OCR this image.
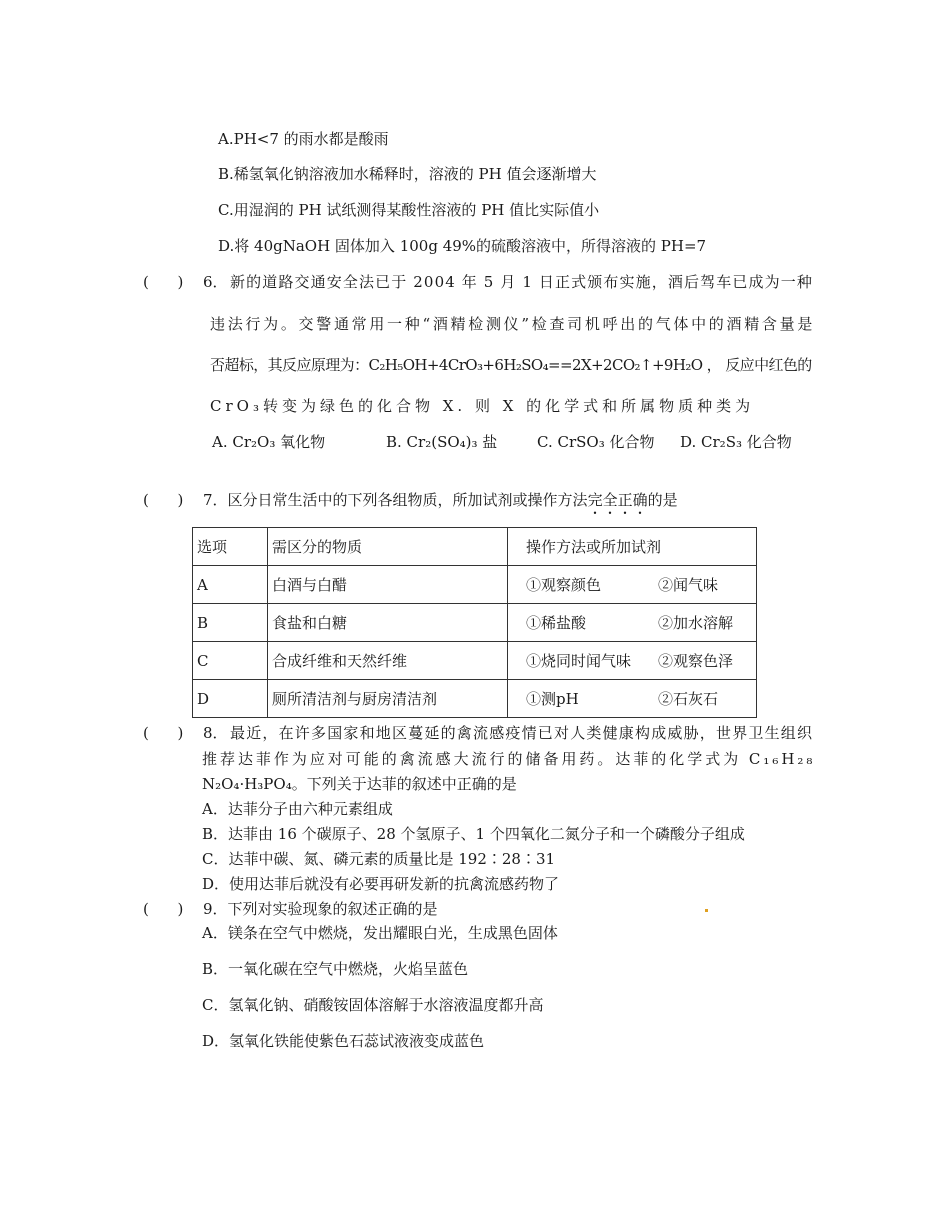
A.PH<7 的雨水都是酸雨
B.稀氢氧化钠溶液加水稀释时，溶液的 PH 值会逐渐增大
C.用湿润的 PH 试纸测得某酸性溶液的 PH 值比实际值小
D.将 40gNaOH 固体加入 100g 49%的硫酸溶液中，所得溶液的 PH=7
(      ) 6． 新的道路交通安全法已于 2004 年 5 月 1 日正式颁布实施，酒后驾车已成为一种
违法行为。交警通常用一种“酒精检测仪”检查司机呼出的气体中的酒精含量是
否超标，其反应原理为：C₂H₅OH+4CrO₃+6H₂SO₄==2X+2CO₂↑+9H₂O ， 反应中红色的
CrO₃转变为绿色的化合物 X. 则 X 的化学式和所属物质种类为
A. Cr₂O₃ 氧化物	B. Cr₂(SO₄)₃ 盐	C. CrSO₃ 化合物 D. Cr₂S₃ 化合物
(      ) 7．区分日常生活中的下列各组物质，所加试剂或操作方法完全正确的是
选项	需区分的物质	操作方法或所加试剂
A	白酒与白醋	①观察颜色 ②闻气味
B	食盐和白糖	①稀盐酸 ②加水溶解
C	合成纤维和天然纤维	①烧同时闻气味 ②观察色泽
D	厕所清洁剂与厨房清洁剂	①测pH ②石灰石
(      ) 8． 最近，在许多国家和地区蔓延的禽流感疫情已对人类健康构成威胁，世界卫生组织
推荐达菲作为应对可能的禽流感大流行的储备用药。达菲的化学式为 C₁₆H₂₈
N₂O₄·H₃PO₄。下列关于达菲的叙述中正确的是
A．达菲分子由六种元素组成
B．达菲由 16 个碳原子、28 个氢原子、1 个四氧化二氮分子和一个磷酸分子组成
C．达菲中碳、氮、磷元素的质量比是 192∶28∶31
D．使用达菲后就没有必要再研发新的抗禽流感药物了
(      ) 9．下列对实验现象的叙述正确的是
A．镁条在空气中燃烧，发出耀眼白光，生成黑色固体
B．一氧化碳在空气中燃烧，火焰呈蓝色
C．氢氧化钠、硝酸铵固体溶解于水溶液温度都升高
D．氢氧化铁能使紫色石蕊试液液变成蓝色
